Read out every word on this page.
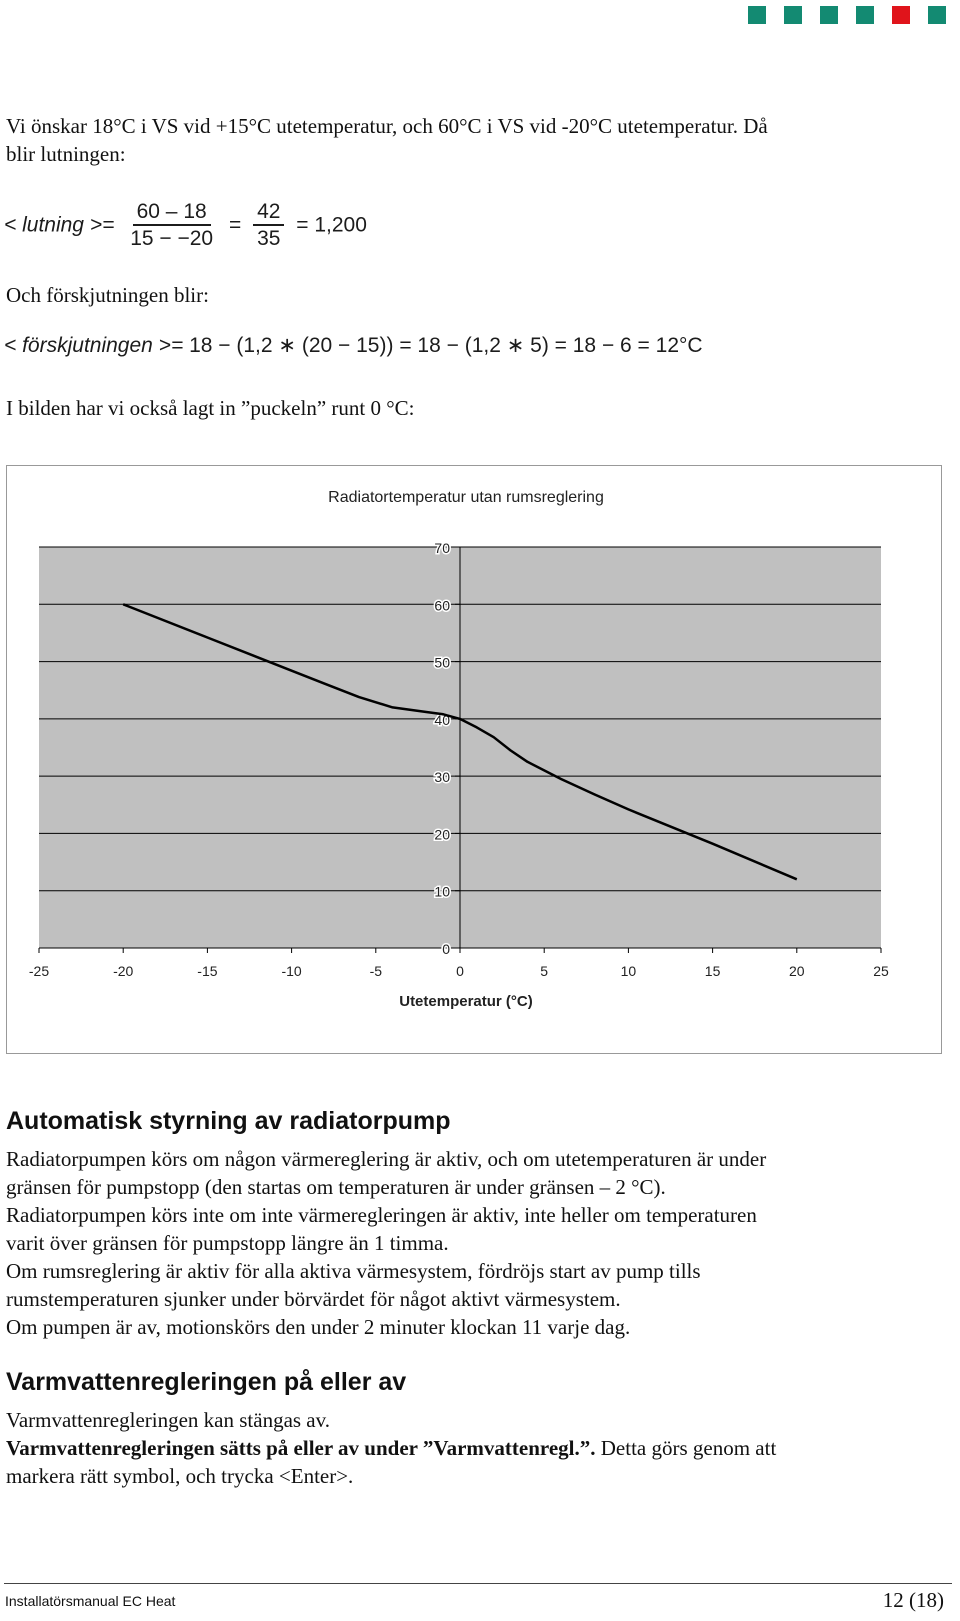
Vi önskar 18°C i VS vid +15°C utetemperatur, och 60°C i VS vid -20°C utetemperatur. Då

blir lutningen:

< lutning >= $\frac{60 - 18}{15 - -20} = \frac{42}{35} = 1,200$

Och förskjutningen blir:

< förskjutningen >= 18 − (1,2 ∗ (20 − 15)) = 18 − (1,2 ∗ 5) = 18 − 6 = 12°C

I bilden har vi också lagt in ”puckeln” runt 0 °C:

Radiatortemperatur utan rumsreglering
0
10
20
30
40
50
60
70
-25	-20	-15	-10	-5	0	5	10	15	20	25
Utetemperatur (°C)
Automatisk styrning av radiatorpump

Radiatorpumpen körs om någon värmereglering är aktiv, och om utetemperaturen är under

gränsen för pumpstopp (den startas om temperaturen är under gränsen – 2 °C).

Radiatorpumpen körs inte om inte värmeregleringen är aktiv, inte heller om temperaturen

varit över gränsen för pumpstopp längre än 1 timma.

Om rumsreglering är aktiv för alla aktiva värmesystem, fördröjs start av pump tills

rumstemperaturen sjunker under börvärdet för något aktivt värmesystem.

Om pumpen är av, motionskörs den under 2 minuter klockan 11 varje dag.

Varmvattenregleringen på eller av

Varmvattenregleringen kan stängas av.

Varmvattenregleringen sätts på eller av under ”Varmvattenregl.”. Detta görs genom att

markera rätt symbol, och trycka <Enter>.

Installatörsmanual EC Heat	12 (18)
